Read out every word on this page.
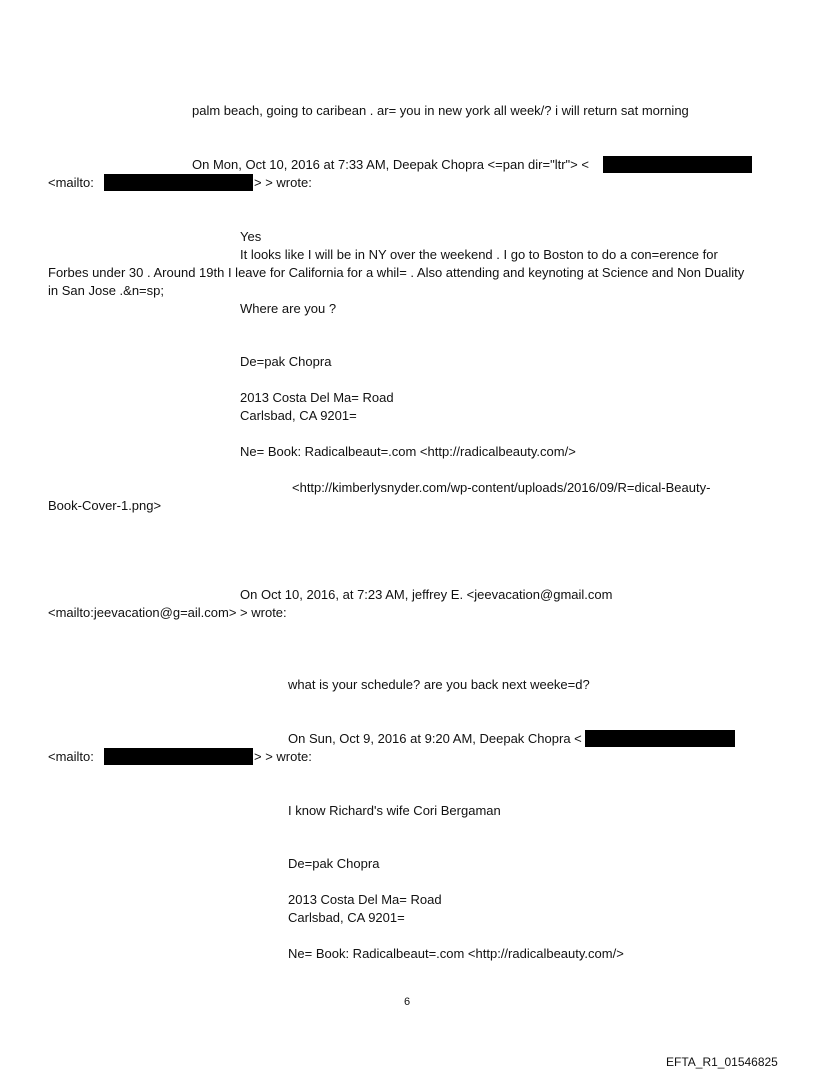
palm beach, going to caribean . ar= you in new york all week/? i will return sat morning
On Mon, Oct 10, 2016 at 7:33 AM, Deepak Chopra <=pan dir="ltr"> <
<mailto:	> > wrote:
Yes
It looks like I will be in NY over the weekend . I go to Boston to do a con=erence for
Forbes under 30 . Around 19th I leave for California for a whil= . Also attending and keynoting at Science and Non Duality
in San Jose .&n=sp;
Where are you ?
De=pak Chopra
2013 Costa Del Ma= Road
Carlsbad, CA 9201=
Ne= Book: Radicalbeaut=.com <http://radicalbeauty.com/>
<http://kimberlysnyder.com/wp-content/uploads/2016/09/R=dical-Beauty-
Book-Cover-1.png>
On Oct 10, 2016, at 7:23 AM, jeffrey E. <jeevacation@gmail.com
<mailto:jeevacation@g=ail.com> > wrote:
what is your schedule? are you back next weeke=d?
On Sun, Oct 9, 2016 at 9:20 AM, Deepak Chopra <
<mailto:	> > wrote:
I know Richard's wife Cori Bergaman
De=pak Chopra
2013 Costa Del Ma= Road
Carlsbad, CA 9201=
Ne= Book: Radicalbeaut=.com <http://radicalbeauty.com/>
6
EFTA_R1_01546825
